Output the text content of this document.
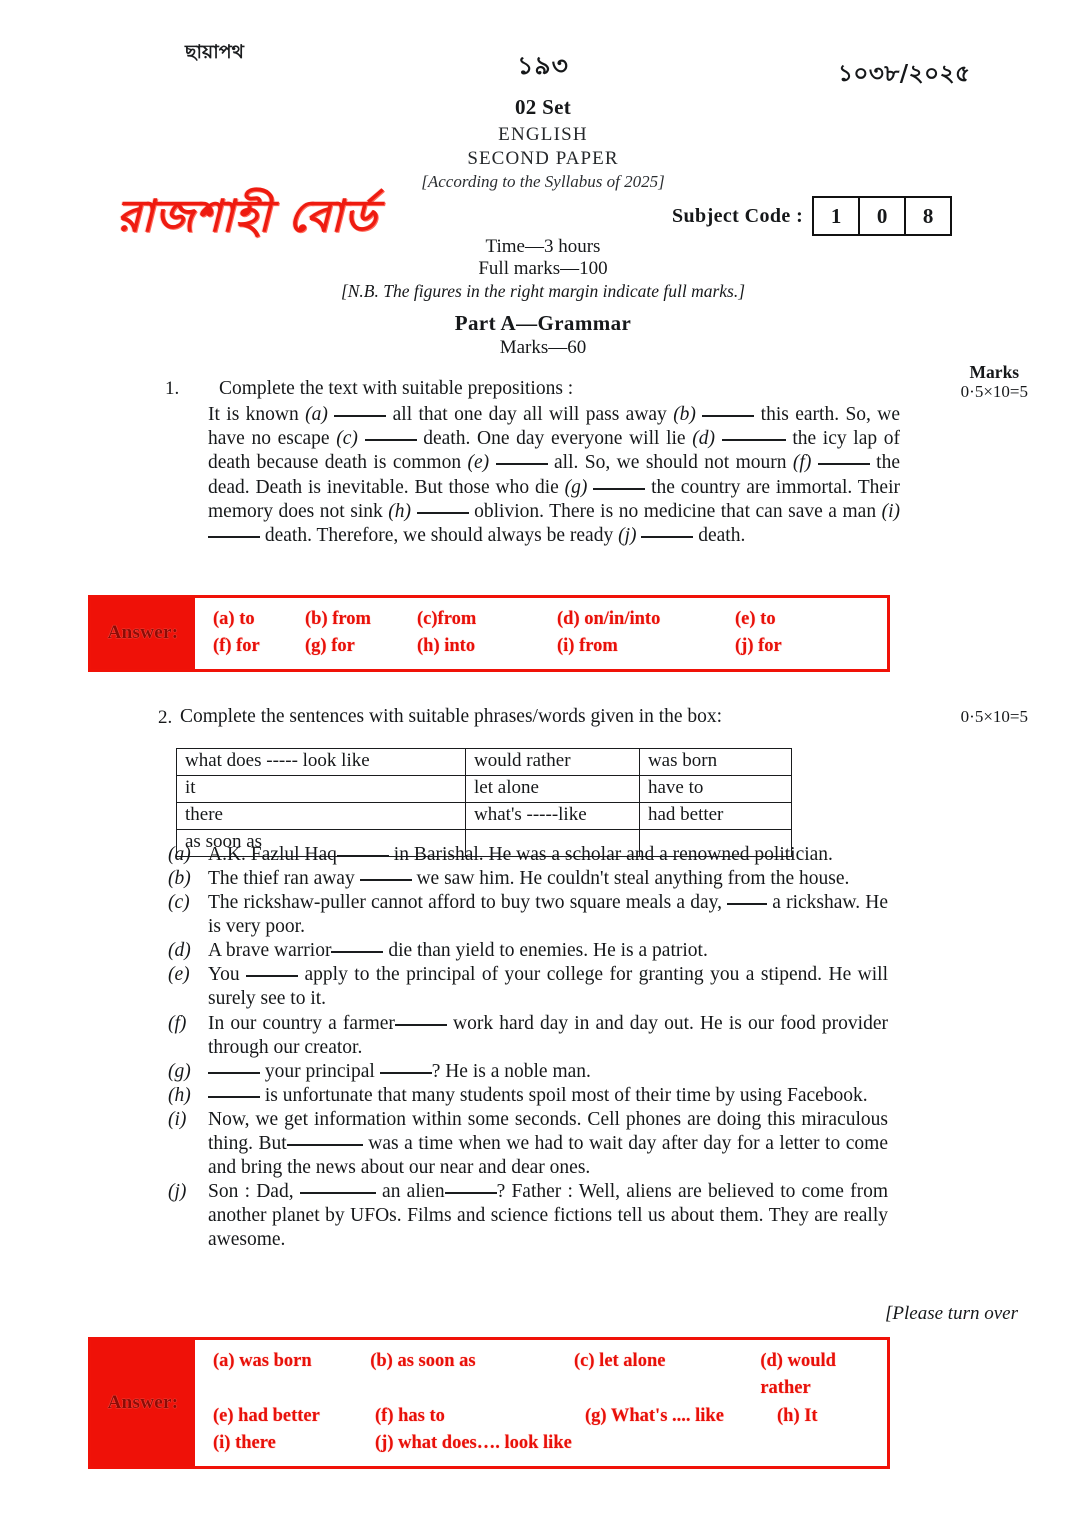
ছায়াপথ	১৯৩	১০৩৮/২০২৫
02 Set
ENGLISH
SECOND PAPER
[According to the Syllabus of 2025]
রাজশাহী বোর্ড	Subject Code :	1	0	8
Time—3 hours
Full marks—100
[N.B. The figures in the right margin indicate full marks.]
Part A—Grammar
Marks—60
Marks
0·5×10=5
1. Complete the text with suitable prepositions :
It is known (a)	all that one day all will pass away (b)	this earth. So, we have no escape (c)	death. One day everyone will lie (d)	the icy lap of death because death is common (e)	all. So, we should not mourn (f)	the dead. Death is inevitable. But those who die (g)	the country are immortal. Their memory does not sink (h)	oblivion. There is no medicine that can save a man (i)  death. Therefore, we should always be ready (j)	death.
Answer:
(a) to	(b) from	(c)from	(d) on/in/into	(e) to
(f) for	(g) for	(h) into	(i) from	(j) for
2. Complete the sentences with suitable phrases/words given in the box:	0·5×10=5
what does ----- look like	would rather	was born
it	let alone	have to
there	what's -----like	had better
as soon as		
(a) A.K. Fazlul Haq	in Barishal. He was a scholar and a renowned politician.
(b) The thief ran away	we saw him. He couldn't steal anything from the house.
(c) The rickshaw-puller cannot afford to buy two square meals a day,  a rickshaw. He is very poor.
(d) A brave warrior	die than yield to enemies. He is a patriot.
(e) You	apply to the principal of your college for granting you a stipend. He will surely see to it.
(f)	In our country a farmer	work hard day in and day out. He is our food provider through our creator.
(g)	your principal	? He is a noble man.
(h)	is unfortunate that many students spoil most of their time by using Facebook.
(i)	Now, we get information within some seconds. Cell phones are doing this miraculous thing. But	was a time when we had to wait day after day for a letter to come and bring the news about our near and dear ones.
(j)	Son : Dad,	an alien	? Father : Well, aliens are believed to come from another planet by UFOs. Films and science fictions tell us about them. They are really awesome.
[Please turn over
Answer:
(a) was born	(b) as soon as	(c) let alone	(d) would rather
(e) had better	(f) has to	(g) What's .... like	(h) It
(i) there	(j) what does…. look like
